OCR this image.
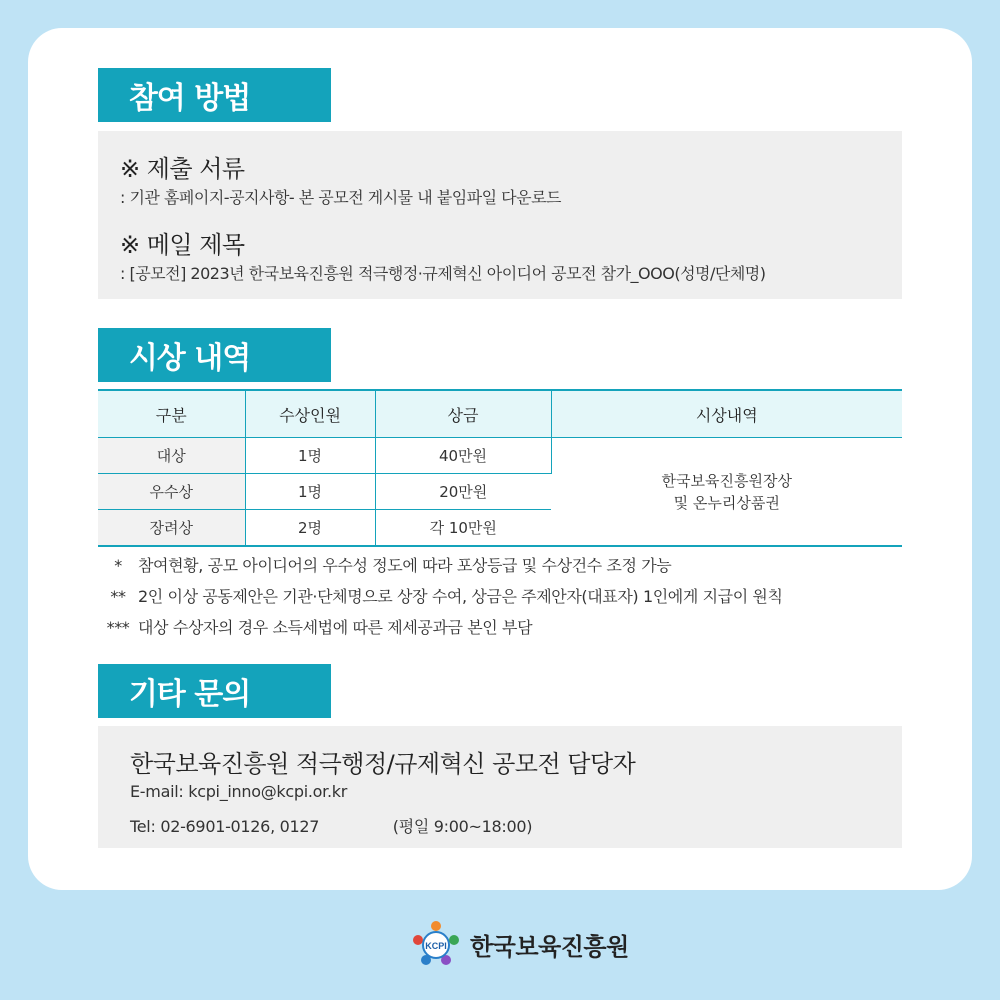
참여 방법
※ 제출 서류
: 기관 홈페이지-공지사항- 본 공모전 게시물 내 붙임파일 다운로드
※ 메일 제목
: [공모전] 2023년 한국보육진흥원 적극행정·규제혁신 아이디어 공모전 참가_OOO(성명/단체명)
시상 내역
구분	수상인원	상금	시상내역
대상	1명	40만원	한국보육진흥원장상
및 온누리상품권
우수상	1명	20만원	
장려상	2명	각 10만원	
* 참여현황, 공모 아이디어의 우수성 정도에 따라 포상등급 및 수상건수 조정 가능
** 2인 이상 공동제안은 기관·단체명으로 상장 수여, 상금은 주제안자(대표자) 1인에게 지급이 원칙
*** 대상 수상자의 경우 소득세법에 따른 제세공과금 본인 부담
기타 문의
한국보육진흥원 적극행정/규제혁신 공모전 담당자
E-mail: kcpi_inno@kcpi.or.kr
Tel: 02-6901-0126, 0127	(평일 9:00~18:00)
KCPI 한국보육진흥원
